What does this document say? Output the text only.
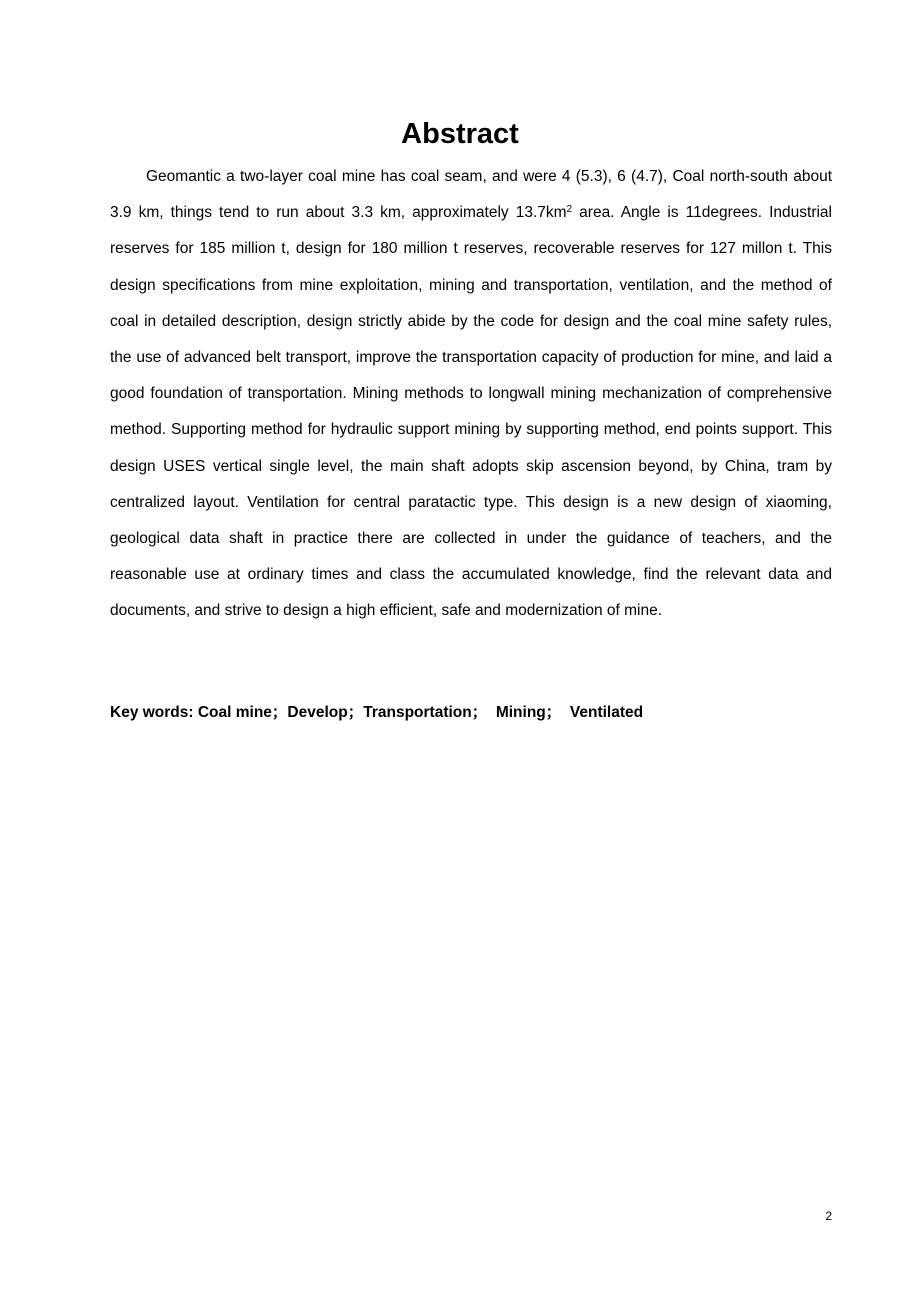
Abstract

Geomantic a two-layer coal mine has coal seam, and were 4 (5.3), 6 (4.7), Coal north-south about 3.9 km, things tend to run about 3.3 km, approximately $13.7km^2$ area. Angle is 11degrees. Industrial reserves for 185 million t, design for 180 million t reserves, recoverable reserves for 127 millon t. This design specifications from mine exploitation, mining and transportation, ventilation, and the method of coal in detailed description, design strictly abide by the code for design and the coal mine safety rules, the use of advanced belt transport, improve the transportation capacity of production for mine, and laid a good foundation of transportation. Mining methods to longwall mining mechanization of comprehensive method. Supporting method for hydraulic support mining by supporting method, end points support. This design USES vertical single level, the main shaft adopts skip ascension beyond, by China, tram by centralized layout. Ventilation for central paratactic type. This design is a new design of xiaoming, geological data shaft in practice there are collected in under the guidance of teachers, and the reasonable use at ordinary times and class the accumulated knowledge, find the relevant data and documents, and strive to design a high efficient, safe and modernization of mine.

Key words: Coal mine；Develop；Transportation；  Mining；  Ventilated

2
